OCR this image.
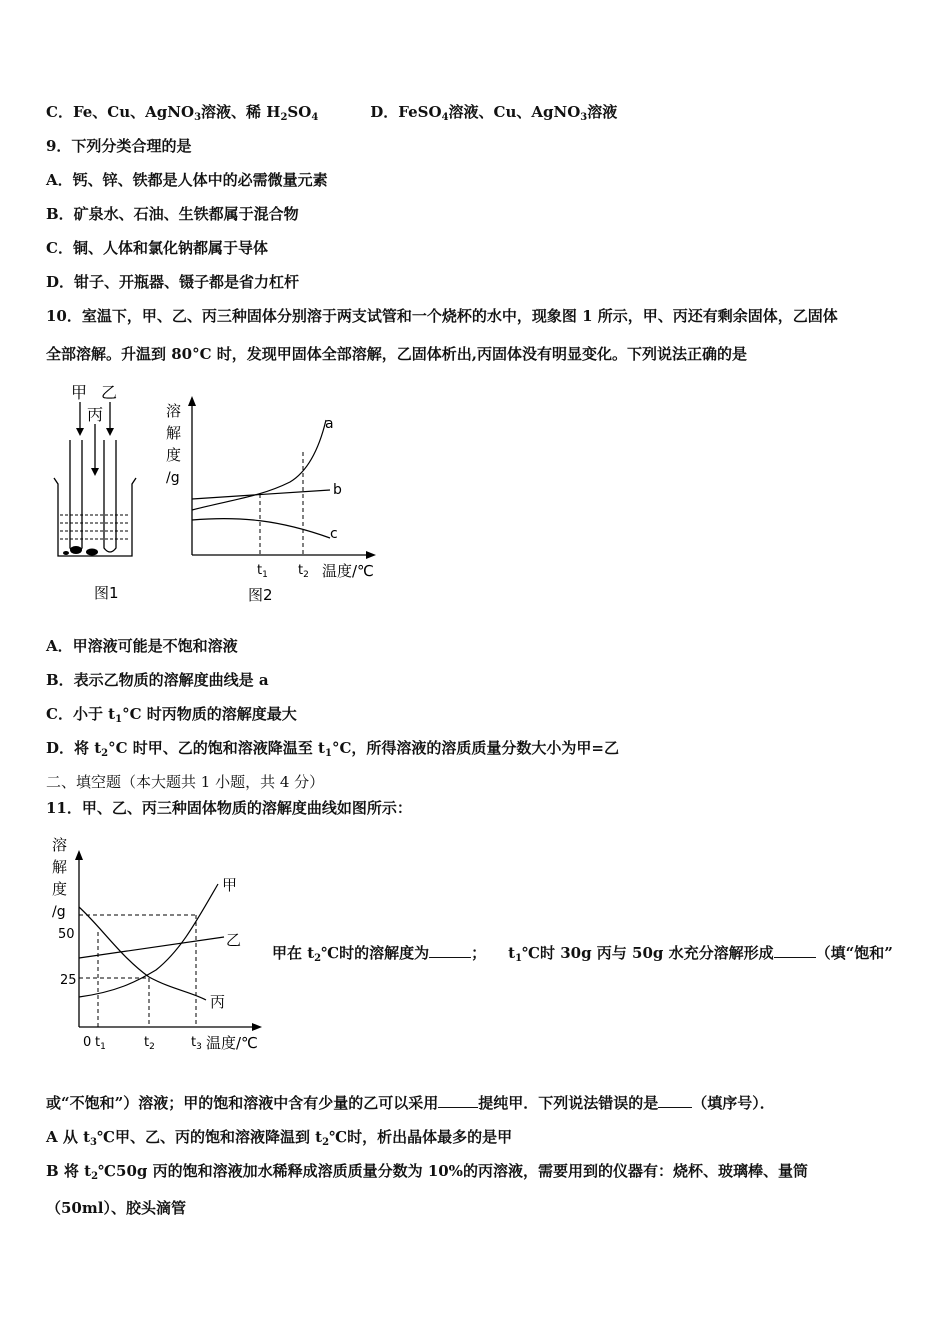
C．Fe、Cu、AgNO$_3$溶液、稀 $H_2SO_4$	D．FeSO$_4$溶液、Cu、AgNO$_3$溶液
9．下列分类合理的是
A．钙、锌、铁都是人体中的必需微量元素
B．矿泉水、石油、生铁都属于混合物
C．铜、人体和氯化钠都属于导体
D．钳子、开瓶器、镊子都是省力杠杆
10．室温下，甲、乙、丙三种固体分别溶于两支试管和一个烧杯的水中，现象图 1 所示，甲、丙还有剩余固体，乙固体
全部溶解。升温到 80°C 时，发现甲固体全部溶解，乙固体析出,丙固体没有明显变化。下列说法正确的是
甲 乙
丙
图1
溶
解
度
/g
a
b
c
$t_1$ $t_2$ 温度/℃
图2
A．甲溶液可能是不饱和溶液
B．表示乙物质的溶解度曲线是 a
C．小于 $t_1^\circ C$ 时丙物质的溶解度最大
D．将 $t_2^\circ C$ 时甲、乙的饱和溶液降温至 $t_1^\circ C$，所得溶液的溶质质量分数大小为甲=乙
二、填空题（本大题共 1 小题，共 4 分）
11．甲、乙、丙三种固体物质的溶解度曲线如图所示：
溶
解
度
/g
50
25
甲
乙
丙
0 $t_1$	$t_2$	$t_3$ 温度/℃
甲在 $t_2℃$时的溶解度为	； $t_1℃$时 30g 丙与 50g 水充分溶解形成	（填“饱和”
或“不饱和”）溶液；甲的饱和溶液中含有少量的乙可以采用	提纯甲．下列说法错误的是 （填序号）．
A 从 $t_3℃$甲、乙、丙的饱和溶液降温到 $t_2℃$时，析出晶体最多的是甲
B 将 $t_2℃50g$ 丙的饱和溶液加水稀释成溶质质量分数为 10%的丙溶液，需要用到的仪器有：烧杯、玻璃棒、量筒
（50ml）、胶头滴管
